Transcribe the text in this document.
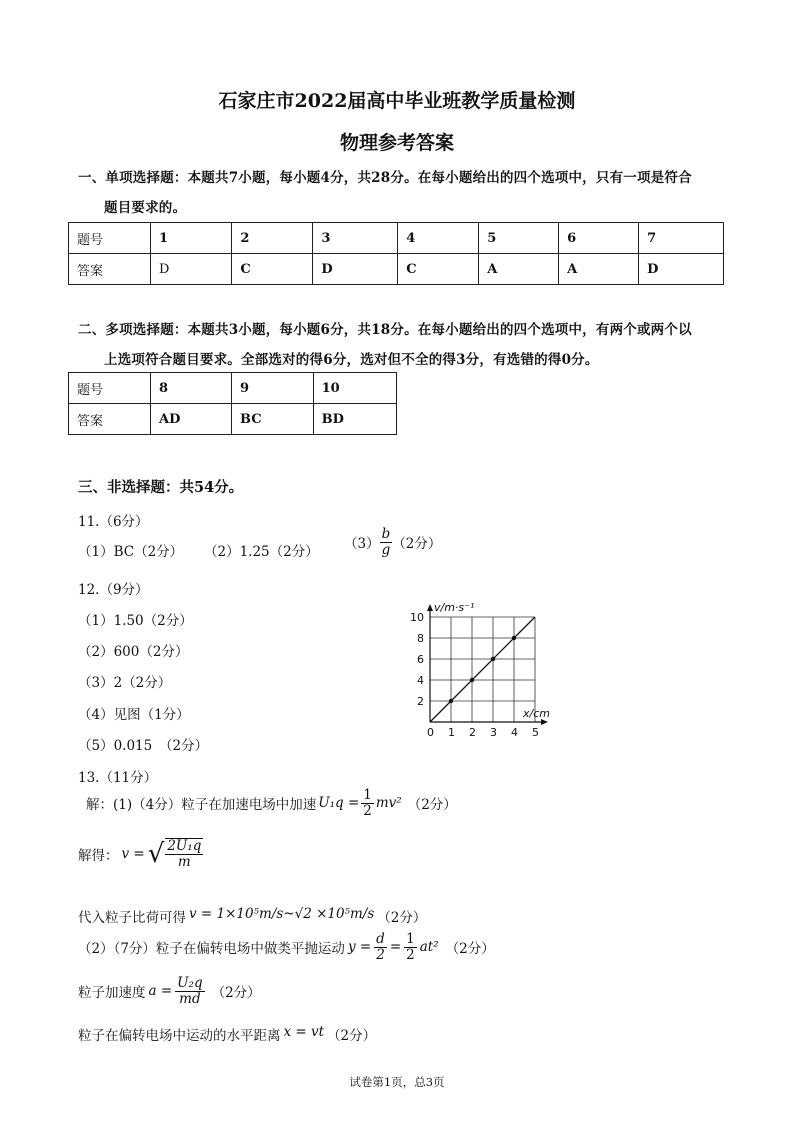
石家庄市2022届高中毕业班教学质量检测
物理参考答案
一、单项选择题：本题共7小题，每小题4分，共28分。在每小题给出的四个选项中，只有一项是符合
题目要求的。
题号	1	2	3	4	5	6	7
答案	D	C	D	C	A	A	D
二、多项选择题：本题共3小题，每小题6分，共18分。在每小题给出的四个选项中，有两个或两个以
上选项符合题目要求。全部选对的得6分，选对但不全的得3分，有选错的得0分。
题号	8	9	10
答案	AD	BC	BD
三、非选择题：共54分。
11.（6分）
（1）BC（2分） （2）1.25（2分） $(3) \frac{b}{g} (2$分）
12.（9分）
（1）1.50（2分）
（2）600（2分）
（3）2（2分）
（4）见图（1分）
（5）0.015　（2分）
0 1 2 3 4 5
2
4
6
8
10
v/m·s⁻¹
x/cm
13.（11分）
解：(1)（4分）粒子在加速电场中加速 $U_1q = \frac{1}{2} mv^2$ （2分）
解得： v = √ $\frac{\text{2U₁q}}{m}$
代入粒子比荷可得 v = 1×10⁵m/s~√2 ×10⁵m/s （2分）
（2）（7分）粒子在偏转电场中做类平抛运动 $y = \frac{d}{2} = \frac{1}{2} at^2$ （2分）
粒子加速度 $a = \frac{\text{U₂q}}{md} (2$分）
粒子在偏转电场中运动的水平距离 x = vt （2分）
试卷第1页，总3页
